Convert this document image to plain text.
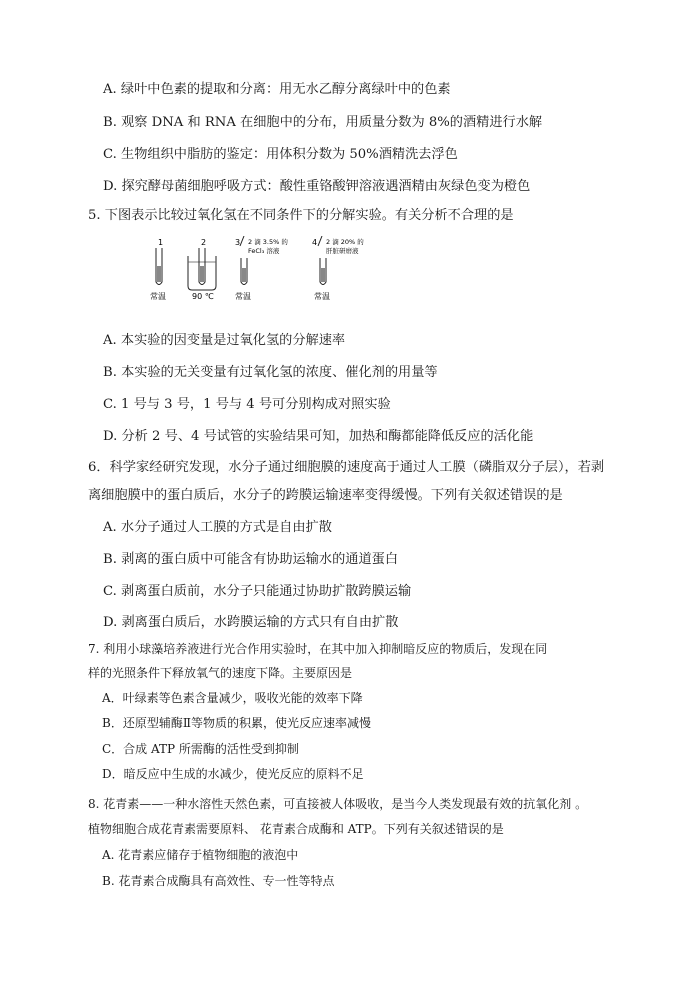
A. 绿叶中色素的提取和分离：用无水乙醇分离绿叶中的色素
B. 观察 DNA 和 RNA 在细胞中的分布，用质量分数为 8%的酒精进行水解
C. 生物组织中脂肪的鉴定：用体积分数为 50%酒精洗去浮色
D. 探究酵母菌细胞呼吸方式：酸性重铬酸钾溶液遇酒精由灰绿色变为橙色
5. 下图表示比较过氧化氢在不同条件下的分解实验。有关分析不合理的是
1
常温
2
90 ℃
3 2 滴 3.5% 的
FeCl₃ 溶液
常温
4 2 滴 20% 的
肝脏研磨液
常温
A. 本实验的因变量是过氧化氢的分解速率
B. 本实验的无关变量有过氧化氢的浓度、催化剂的用量等
C. 1 号与 3 号，1 号与 4 号可分别构成对照实验
D. 分析 2 号、4 号试管的实验结果可知，加热和酶都能降低反应的活化能
6．科学家经研究发现，水分子通过细胞膜的速度高于通过人工膜（磷脂双分子层），若剥
离细胞膜中的蛋白质后，水分子的跨膜运输速率变得缓慢。下列有关叙述错误的是
A. 水分子通过人工膜的方式是自由扩散
B. 剥离的蛋白质中可能含有协助运输水的通道蛋白
C. 剥离蛋白质前，水分子只能通过协助扩散跨膜运输
D. 剥离蛋白质后，水跨膜运输的方式只有自由扩散
7. 利用小球藻培养液进行光合作用实验时，在其中加入抑制暗反应的物质后，发现在同
样的光照条件下释放氧气的速度下降。主要原因是
A．叶绿素等色素含量减少，吸收光能的效率下降
B．还原型辅酶Ⅱ等物质的积累，使光反应速率减慢
C．合成 ATP 所需酶的活性受到抑制
D．暗反应中生成的水减少，使光反应的原料不足
8. 花青素——一种水溶性天然色素，可直接被人体吸收，是当今人类发现最有效的抗氧化剂 。
植物细胞合成花青素需要原料、 花青素合成酶和 ATP。下列有关叙述错误的是
A. 花青素应储存于植物细胞的液泡中
B. 花青素合成酶具有高效性、专一性等特点
